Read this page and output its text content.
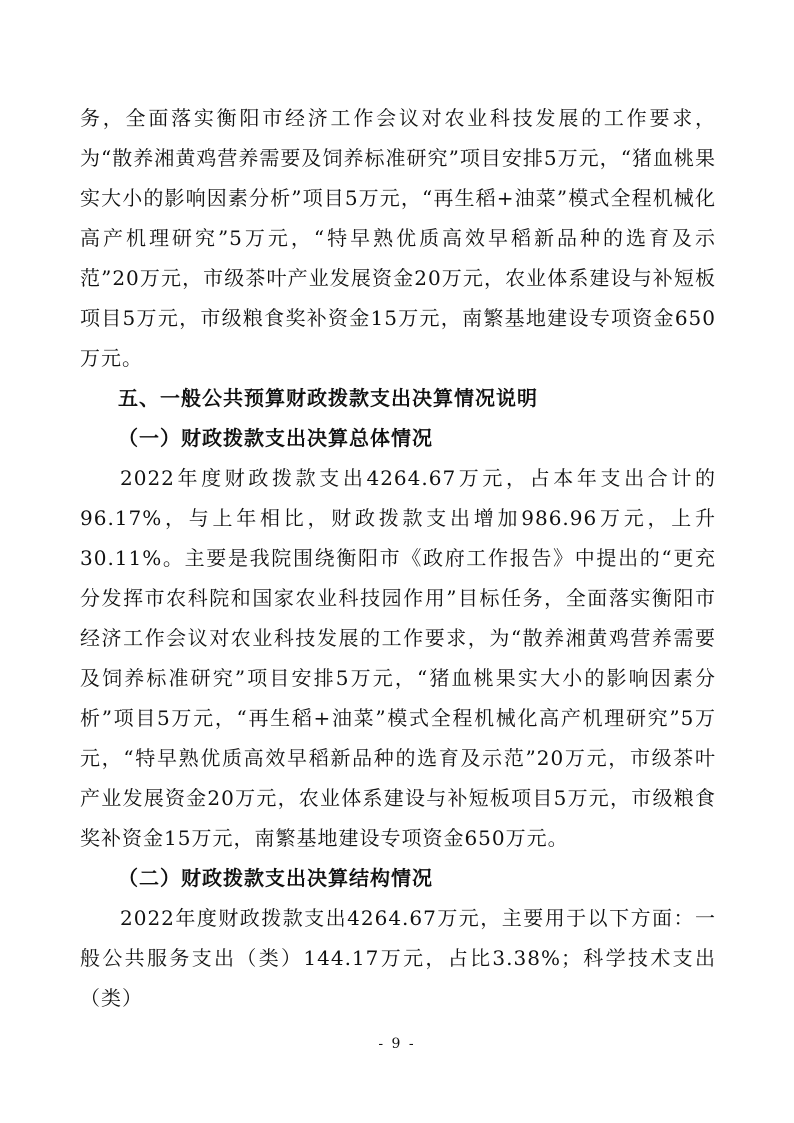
务，全面落实衡阳市经济工作会议对农业科技发展的工作要求，为“散养湘黄鸡营养需要及饲养标准研究”项目安排5万元，“猪血桃果实大小的影响因素分析”项目5万元，“再生稻+油菜”模式全程机械化高产机理研究”5万元，“特早熟优质高效早稻新品种的选育及示范”20万元，市级茶叶产业发展资金20万元，农业体系建设与补短板项目5万元，市级粮食奖补资金15万元，南繁基地建设专项资金650万元。

五、一般公共预算财政拨款支出决算情况说明
（一）财政拨款支出决算总体情况

2022年度财政拨款支出4264.67万元，占本年支出合计的96.17%，与上年相比，财政拨款支出增加986.96万元，上升30.11%。主要是我院围绕衡阳市《政府工作报告》中提出的“更充分发挥市农科院和国家农业科技园作用”目标任务，全面落实衡阳市经济工作会议对农业科技发展的工作要求，为“散养湘黄鸡营养需要及饲养标准研究”项目安排5万元，“猪血桃果实大小的影响因素分析”项目5万元，“再生稻+油菜”模式全程机械化高产机理研究”5万元，“特早熟优质高效早稻新品种的选育及示范”20万元，市级茶叶产业发展资金20万元，农业体系建设与补短板项目5万元，市级粮食奖补资金15万元，南繁基地建设专项资金650万元。

（二）财政拨款支出决算结构情况

2022年度财政拨款支出4264.67万元，主要用于以下方面：一般公共服务支出（类）144.17万元，占比3.38%；科学技术支出（类）

- 9 -
